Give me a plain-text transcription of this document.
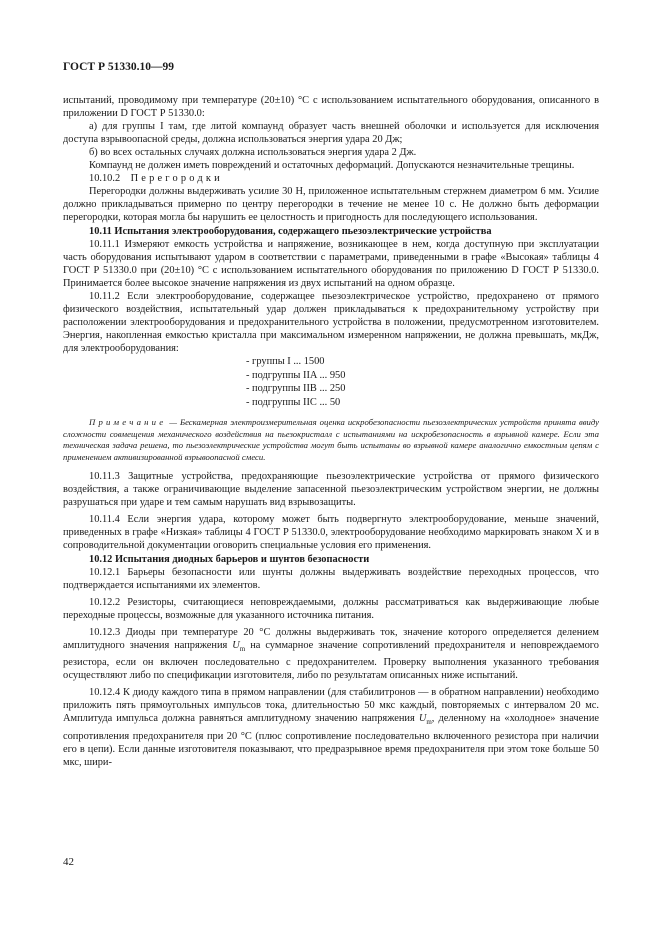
ГОСТ Р 51330.10—99

испытаний, проводимому при температуре (20±10) °С с использованием испытательного оборудования, описанного в приложении D ГОСТ Р 51330.0:

а) для группы I там, где литой компаунд образует часть внешней оболочки и используется для исключения доступа взрывоопасной среды, должна использоваться энергия удара 20 Дж;

б) во всех остальных случаях должна использоваться энергия удара 2 Дж.

Компаунд не должен иметь повреждений и остаточных деформаций. Допускаются незначительные трещины.

10.10.2 Перегородки

Перегородки должны выдерживать усилие 30 Н, приложенное испытательным стержнем диаметром 6 мм. Усилие должно прикладываться примерно по центру перегородки в течение не менее 10 с. Не должно быть деформации перегородки, которая могла бы нарушить ее целостность и пригодность для последующего использования.

10.11 Испытания электрооборудования, содержащего пьезоэлектрические устройства

10.11.1 Измеряют емкость устройства и напряжение, возникающее в нем, когда доступную при эксплуатации часть оборудования испытывают ударом в соответствии с параметрами, приведенными в графе «Высокая» таблицы 4 ГОСТ Р 51330.0 при (20±10) °С с использованием испытательного оборудования по приложению D ГОСТ Р 51330.0. Принимается более высокое значение напряжения из двух испытаний на одном образце.

10.11.2 Если электрооборудование, содержащее пьезоэлектрическое устройство, предохранено от прямого физического воздействия, испытательный удар должен прикладываться к предохранительному устройству при расположении электрооборудования и предохранительного устройства в положении, предусмотренном изготовителем. Энергия, накопленная емкостью кристалла при максимальном измеренном напряжении, не должна превышать, мкДж, для электрооборудования:

- группы I ... 1500
- подгруппы IIA ... 950
- подгруппы IIB ... 250
- подгруппы IIC ... 50

Примечание — Бескамерная электроизмерительная оценка искробезопасности пьезоэлектрических устройств принята ввиду сложности совмещения механического воздействия на пьезокристалл с испытаниями на искробезопасность в взрывной камере. Если эта техническая задача решена, то пьезоэлектрические устройства могут быть испытаны во взрывной камере аналогично емкостным цепям с применением активизированной взрывоопасной смеси.

10.11.3 Защитные устройства, предохраняющие пьезоэлектрические устройства от прямого физического воздействия, а также ограничивающие выделение запасенной пьезоэлектрическим устройством энергии, не должны разрушаться при ударе и тем самым нарушать вид взрывозащиты.

10.11.4 Если энергия удара, которому может быть подвергнуто электрооборудование, меньше значений, приведенных в графе «Низкая» таблицы 4 ГОСТ Р 51330.0, электрооборудование необходимо маркировать знаком X и в сопроводительной документации оговорить специальные условия его применения.

10.12 Испытания диодных барьеров и шунтов безопасности

10.12.1 Барьеры безопасности или шунты должны выдерживать воздействие переходных процессов, что подтверждается испытаниями их элементов.

10.12.2 Резисторы, считающиеся неповреждаемыми, должны рассматриваться как выдерживающие любые переходные процессы, возможные для указанного источника питания.

10.12.3 Диоды при температуре 20 °С должны выдерживать ток, значение которого определяется делением амплитудного значения напряжения $U_m$ на суммарное значение сопротивлений предохранителя и неповреждаемого резистора, если он включен последовательно с предохранителем. Проверку выполнения указанного требования осуществляют либо по спецификации изготовителя, либо по результатам описанных ниже испытаний.

10.12.4 К диоду каждого типа в прямом направлении (для стабилитронов — в обратном направлении) необходимо приложить пять прямоугольных импульсов тока, длительностью 50 мкс каждый, повторяемых с интервалом 20 мс. Амплитуда импульса должна равняться амплитудному значению напряжения $U_m$, деленному на «холодное» значение сопротивления предохранителя при 20 °С (плюс сопротивление последовательно включенного резистора при наличии его в цепи). Если данные изготовителя показывают, что предразрывное время предохранителя при этом токе больше 50 мкс, шири-

42
